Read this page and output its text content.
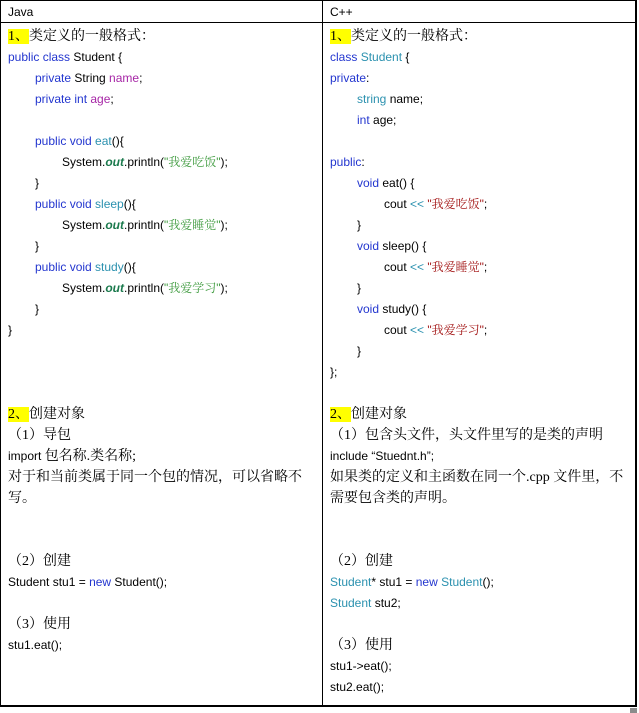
Java	C++
1、类定义的一般格式：
public class Student {
private String name;
private int age;
public void eat(){
System.out.println("我爱吃饭");
}
public void sleep(){
System.out.println("我爱睡觉");
}
public void study(){
System.out.println("我爱学习");
}
}
2、创建对象
（1）导包
import 包名称.类名称;
对于和当前类属于同一个包的情况，可以省略不
写。
（2）创建
Student stu1 = new Student();
（3）使用
stu1.eat();
1、类定义的一般格式：
class Student {
private:
string name;
int age;
public:
void eat() {
cout << "我爱吃饭";
}
void sleep() {
cout << "我爱睡觉";
}
void study() {
cout << "我爱学习";
}
};
2、创建对象
（1）包含头文件，头文件里写的是类的声明
include “Stuednt.h”;
如果类的定义和主函数在同一个.cpp 文件里，不
需要包含类的声明。
（2）创建
Student* stu1 = new Student();
Student stu2;
（3）使用
stu1->eat();
stu2.eat();
